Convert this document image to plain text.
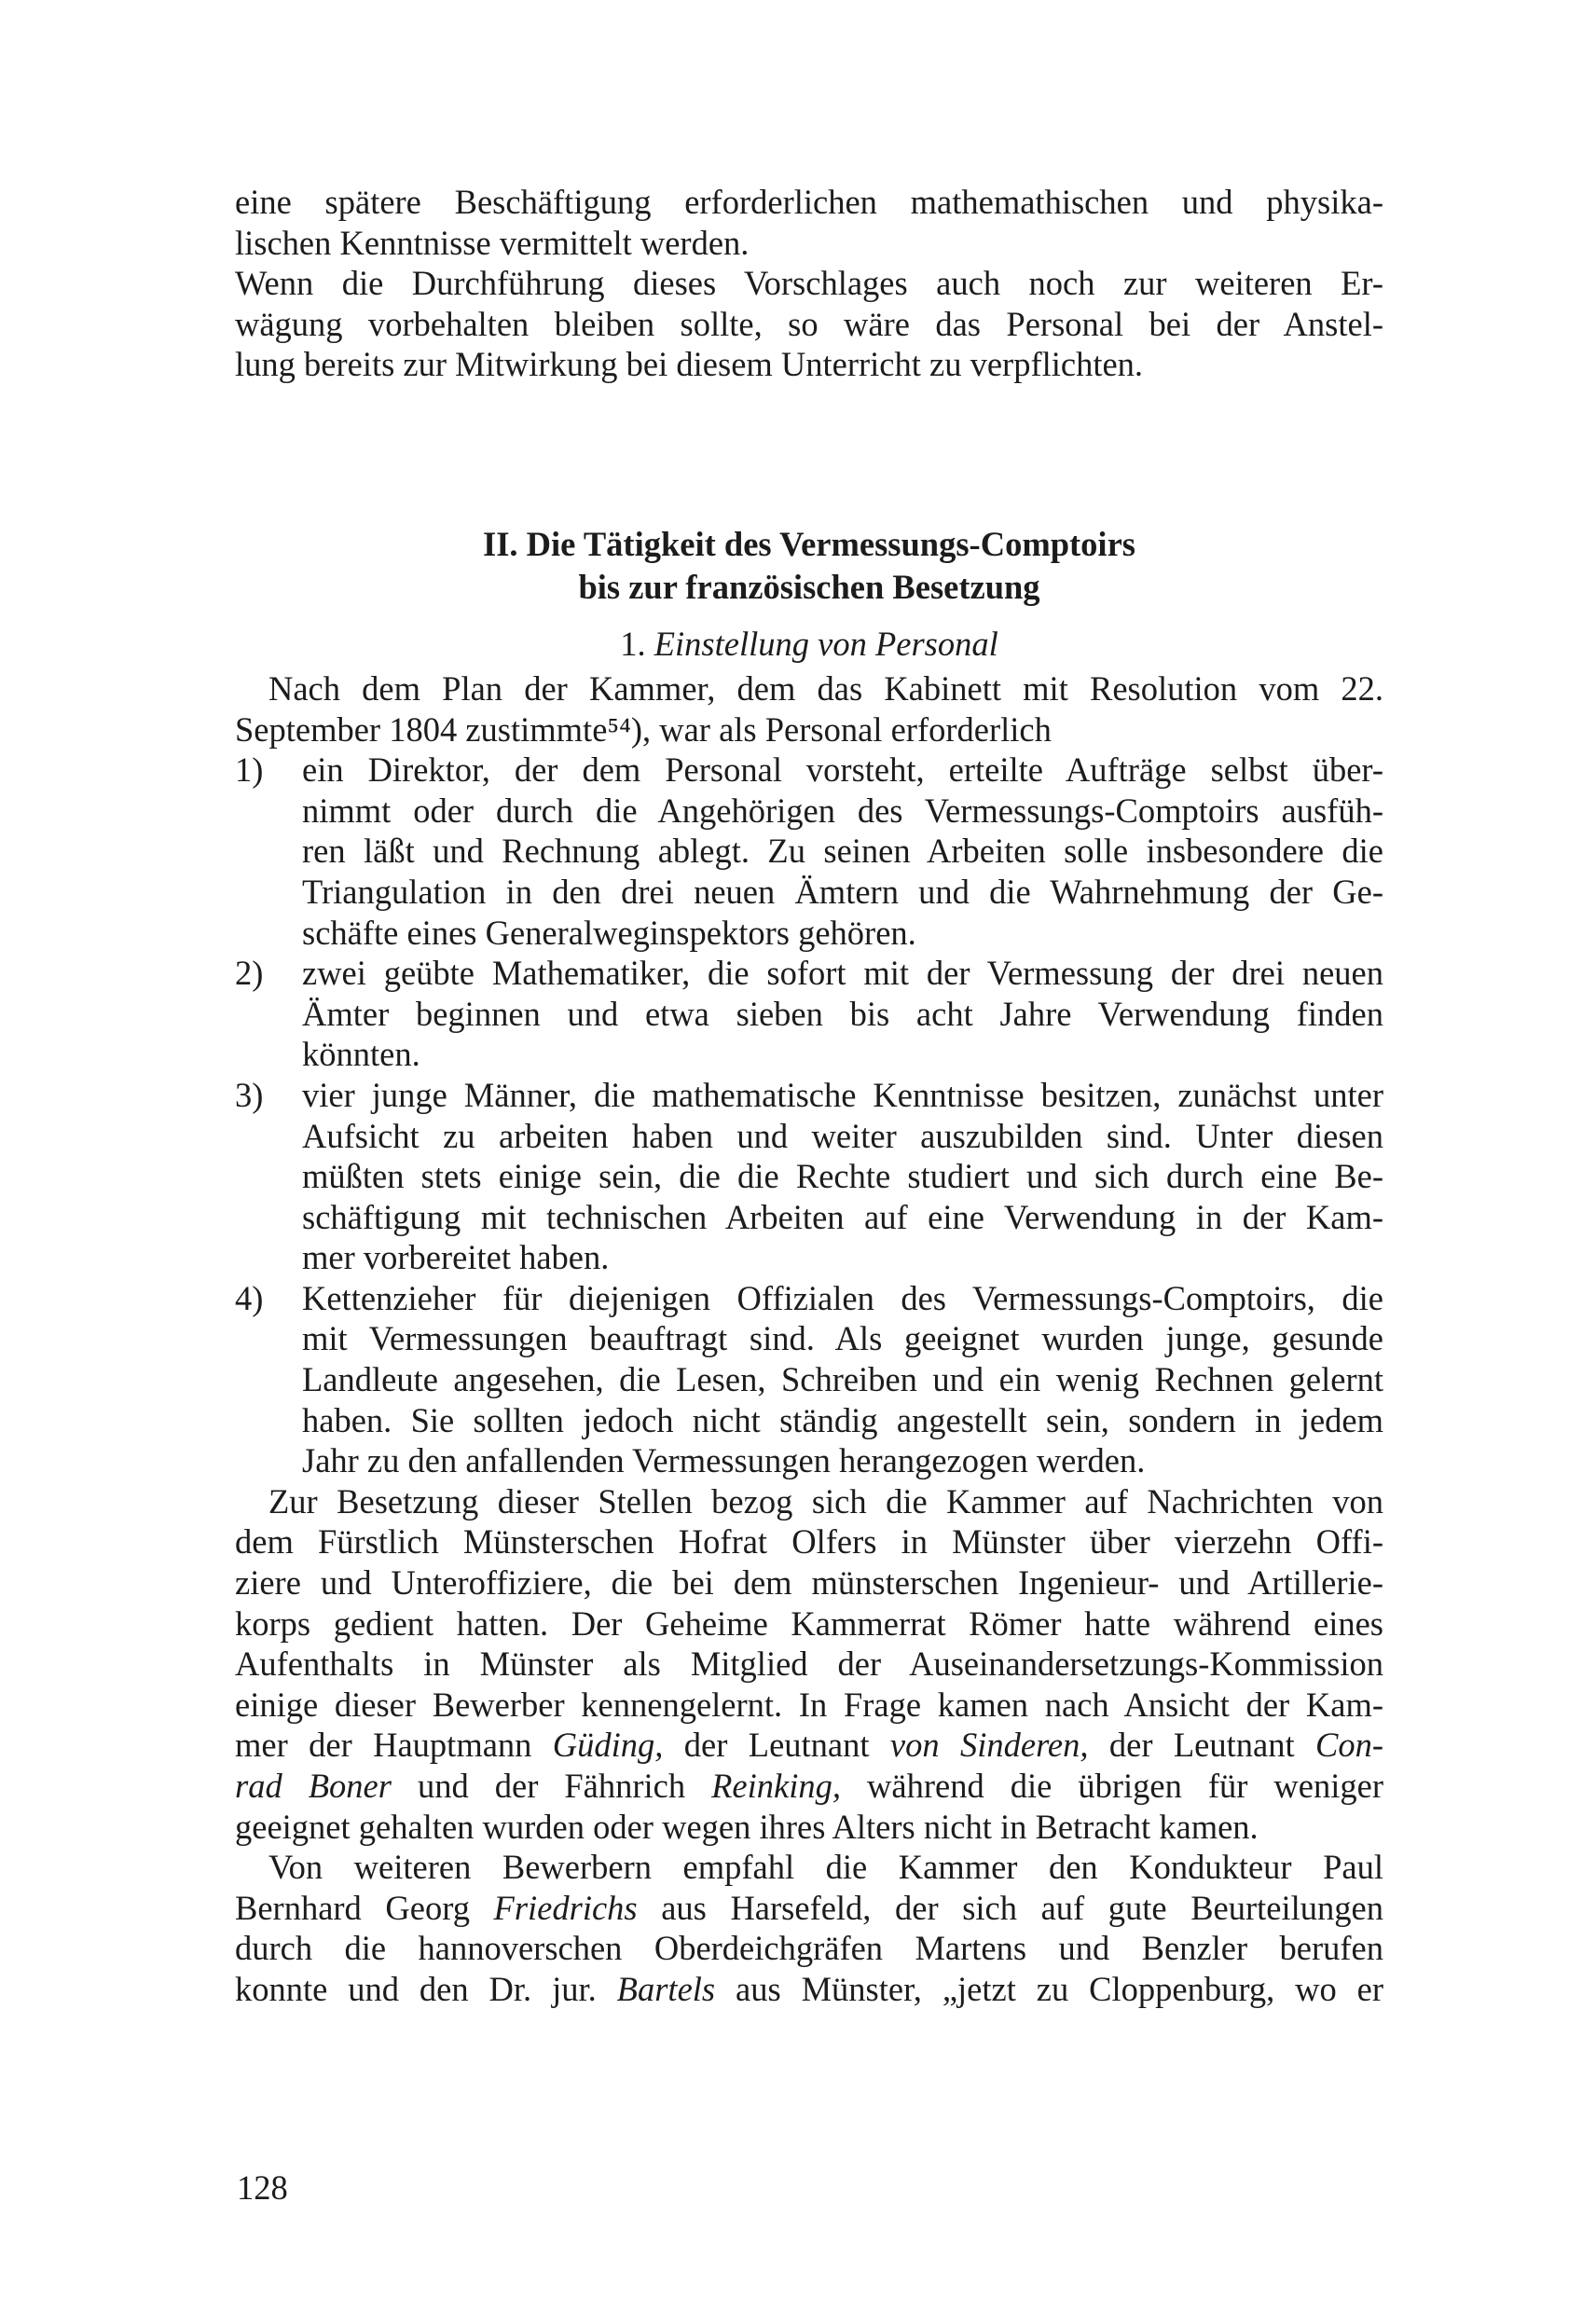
eine spätere Beschäftigung erforderlichen mathemathischen und physika-
lischen Kenntnisse vermittelt werden.
Wenn die Durchführung dieses Vorschlages auch noch zur weiteren Er-
wägung vorbehalten bleiben sollte, so wäre das Personal bei der Anstel-
lung bereits zur Mitwirkung bei diesem Unterricht zu verpflichten.
II. Die Tätigkeit des Vermessungs-Comptoirs
bis zur französischen Besetzung
1. Einstellung von Personal
Nach dem Plan der Kammer, dem das Kabinett mit Resolution vom 22.
September 1804 zustimmte⁵⁴), war als Personal erforderlich
1)	ein Direktor, der dem Personal vorsteht, erteilte Aufträge selbst über-
nimmt oder durch die Angehörigen des Vermessungs-Comptoirs ausfüh-
ren läßt und Rechnung ablegt. Zu seinen Arbeiten solle insbesondere die
Triangulation in den drei neuen Ämtern und die Wahrnehmung der Ge-
schäfte eines Generalweginspektors gehören.
2)	zwei geübte Mathematiker, die sofort mit der Vermessung der drei neuen
Ämter beginnen und etwa sieben bis acht Jahre Verwendung finden
könnten.
3)	vier junge Männer, die mathematische Kenntnisse besitzen, zunächst unter
Aufsicht zu arbeiten haben und weiter auszubilden sind. Unter diesen
müßten stets einige sein, die die Rechte studiert und sich durch eine Be-
schäftigung mit technischen Arbeiten auf eine Verwendung in der Kam-
mer vorbereitet haben.
4)	Kettenzieher für diejenigen Offizialen des Vermessungs-Comptoirs, die
mit Vermessungen beauftragt sind. Als geeignet wurden junge, gesunde
Landleute angesehen, die Lesen, Schreiben und ein wenig Rechnen gelernt
haben. Sie sollten jedoch nicht ständig angestellt sein, sondern in jedem
Jahr zu den anfallenden Vermessungen herangezogen werden.
Zur Besetzung dieser Stellen bezog sich die Kammer auf Nachrichten von
dem Fürstlich Münsterschen Hofrat Olfers in Münster über vierzehn Offi-
ziere und Unteroffiziere, die bei dem münsterschen Ingenieur- und Artillerie-
korps gedient hatten. Der Geheime Kammerrat Römer hatte während eines
Aufenthalts in Münster als Mitglied der Auseinandersetzungs-Kommission
einige dieser Bewerber kennengelernt. In Frage kamen nach Ansicht der Kam-
mer der Hauptmann Güding, der Leutnant von Sinderen, der Leutnant Con-
rad Boner und der Fähnrich Reinking, während die übrigen für weniger
geeignet gehalten wurden oder wegen ihres Alters nicht in Betracht kamen.
Von weiteren Bewerbern empfahl die Kammer den Kondukteur Paul
Bernhard Georg Friedrichs aus Harsefeld, der sich auf gute Beurteilungen
durch die hannoverschen Oberdeichgräfen Martens und Benzler berufen
konnte und den Dr. jur. Bartels aus Münster, „jetzt zu Cloppenburg, wo er
128
